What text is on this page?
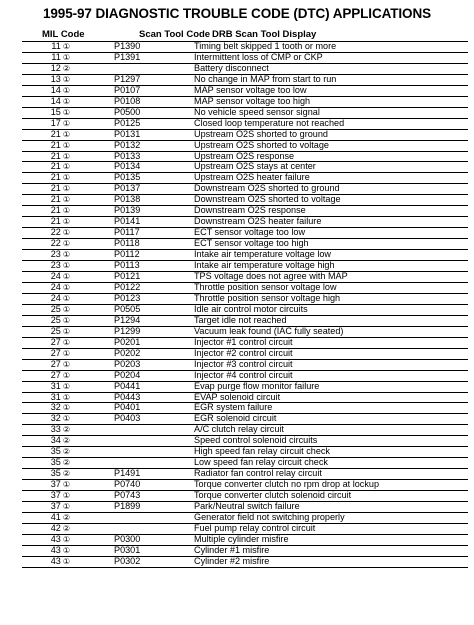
1995-97 DIAGNOSTIC TROUBLE CODE (DTC) APPLICATIONS
MIL Code	Scan Tool Code DRB Scan Tool Display
11 ①	P1390	Timing belt skipped 1 tooth or more
11 ①	P1391	Intermittent loss of CMP or CKP
12 ②		Battery disconnect
13 ①	P1297	No change in MAP from start to run
14 ①	P0107	MAP sensor voltage too low
14 ①	P0108	MAP sensor voltage too high
15 ①	P0500	No vehicle speed sensor signal
17 ①	P0125	Closed loop temperature not reached
21 ①	P0131	Upstream O2S shorted to ground
21 ①	P0132	Upstream O2S shorted to voltage
21 ①	P0133	Upstream O2S response
21 ①	P0134	Upstream O2S stays at center
21 ①	P0135	Upstream O2S heater failure
21 ①	P0137	Downstream O2S shorted to ground
21 ①	P0138	Downstream O2S shorted to voltage
21 ①	P0139	Downstream O2S response
21 ①	P0141	Downstream O2S heater failure
22 ①	P0117	ECT sensor voltage too low
22 ①	P0118	ECT sensor voltage too high
23 ①	P0112	Intake air temperature voltage low
23 ①	P0113	Intake air temperature voltage high
24 ①	P0121	TPS voltage does not agree with MAP
24 ①	P0122	Throttle position sensor voltage low
24 ①	P0123	Throttle position sensor voltage high
25 ①	P0505	Idle air control motor circuits
25 ①	P1294	Target idle not reached
25 ①	P1299	Vacuum leak found (IAC fully seated)
27 ①	P0201	Injector #1 control circuit
27 ①	P0202	Injector #2 control circuit
27 ①	P0203	Injector #3 control circuit
27 ①	P0204	Injector #4 control circuit
31 ①	P0441	Evap purge flow monitor failure
31 ①	P0443	EVAP solenoid circuit
32 ①	P0401	EGR system failure
32 ①	P0403	EGR solenoid circuit
33 ②		A/C clutch relay circuit
34 ②		Speed control solenoid circuits
35 ②		High speed fan relay circuit check
35 ②		Low speed fan relay circuit check
35 ②	P1491	Radiator fan control relay circuit
37 ①	P0740	Torque converter clutch no rpm drop at lockup
37 ①	P0743	Torque converter clutch solenoid circuit
37 ①	P1899	Park/Neutral switch failure
41 ②		Generator field not switching properly
42 ②		Fuel pump relay control circuit
43 ①	P0300	Multiple cylinder misfire
43 ①	P0301	Cylinder #1 misfire
43 ①	P0302	Cylinder #2 misfire
